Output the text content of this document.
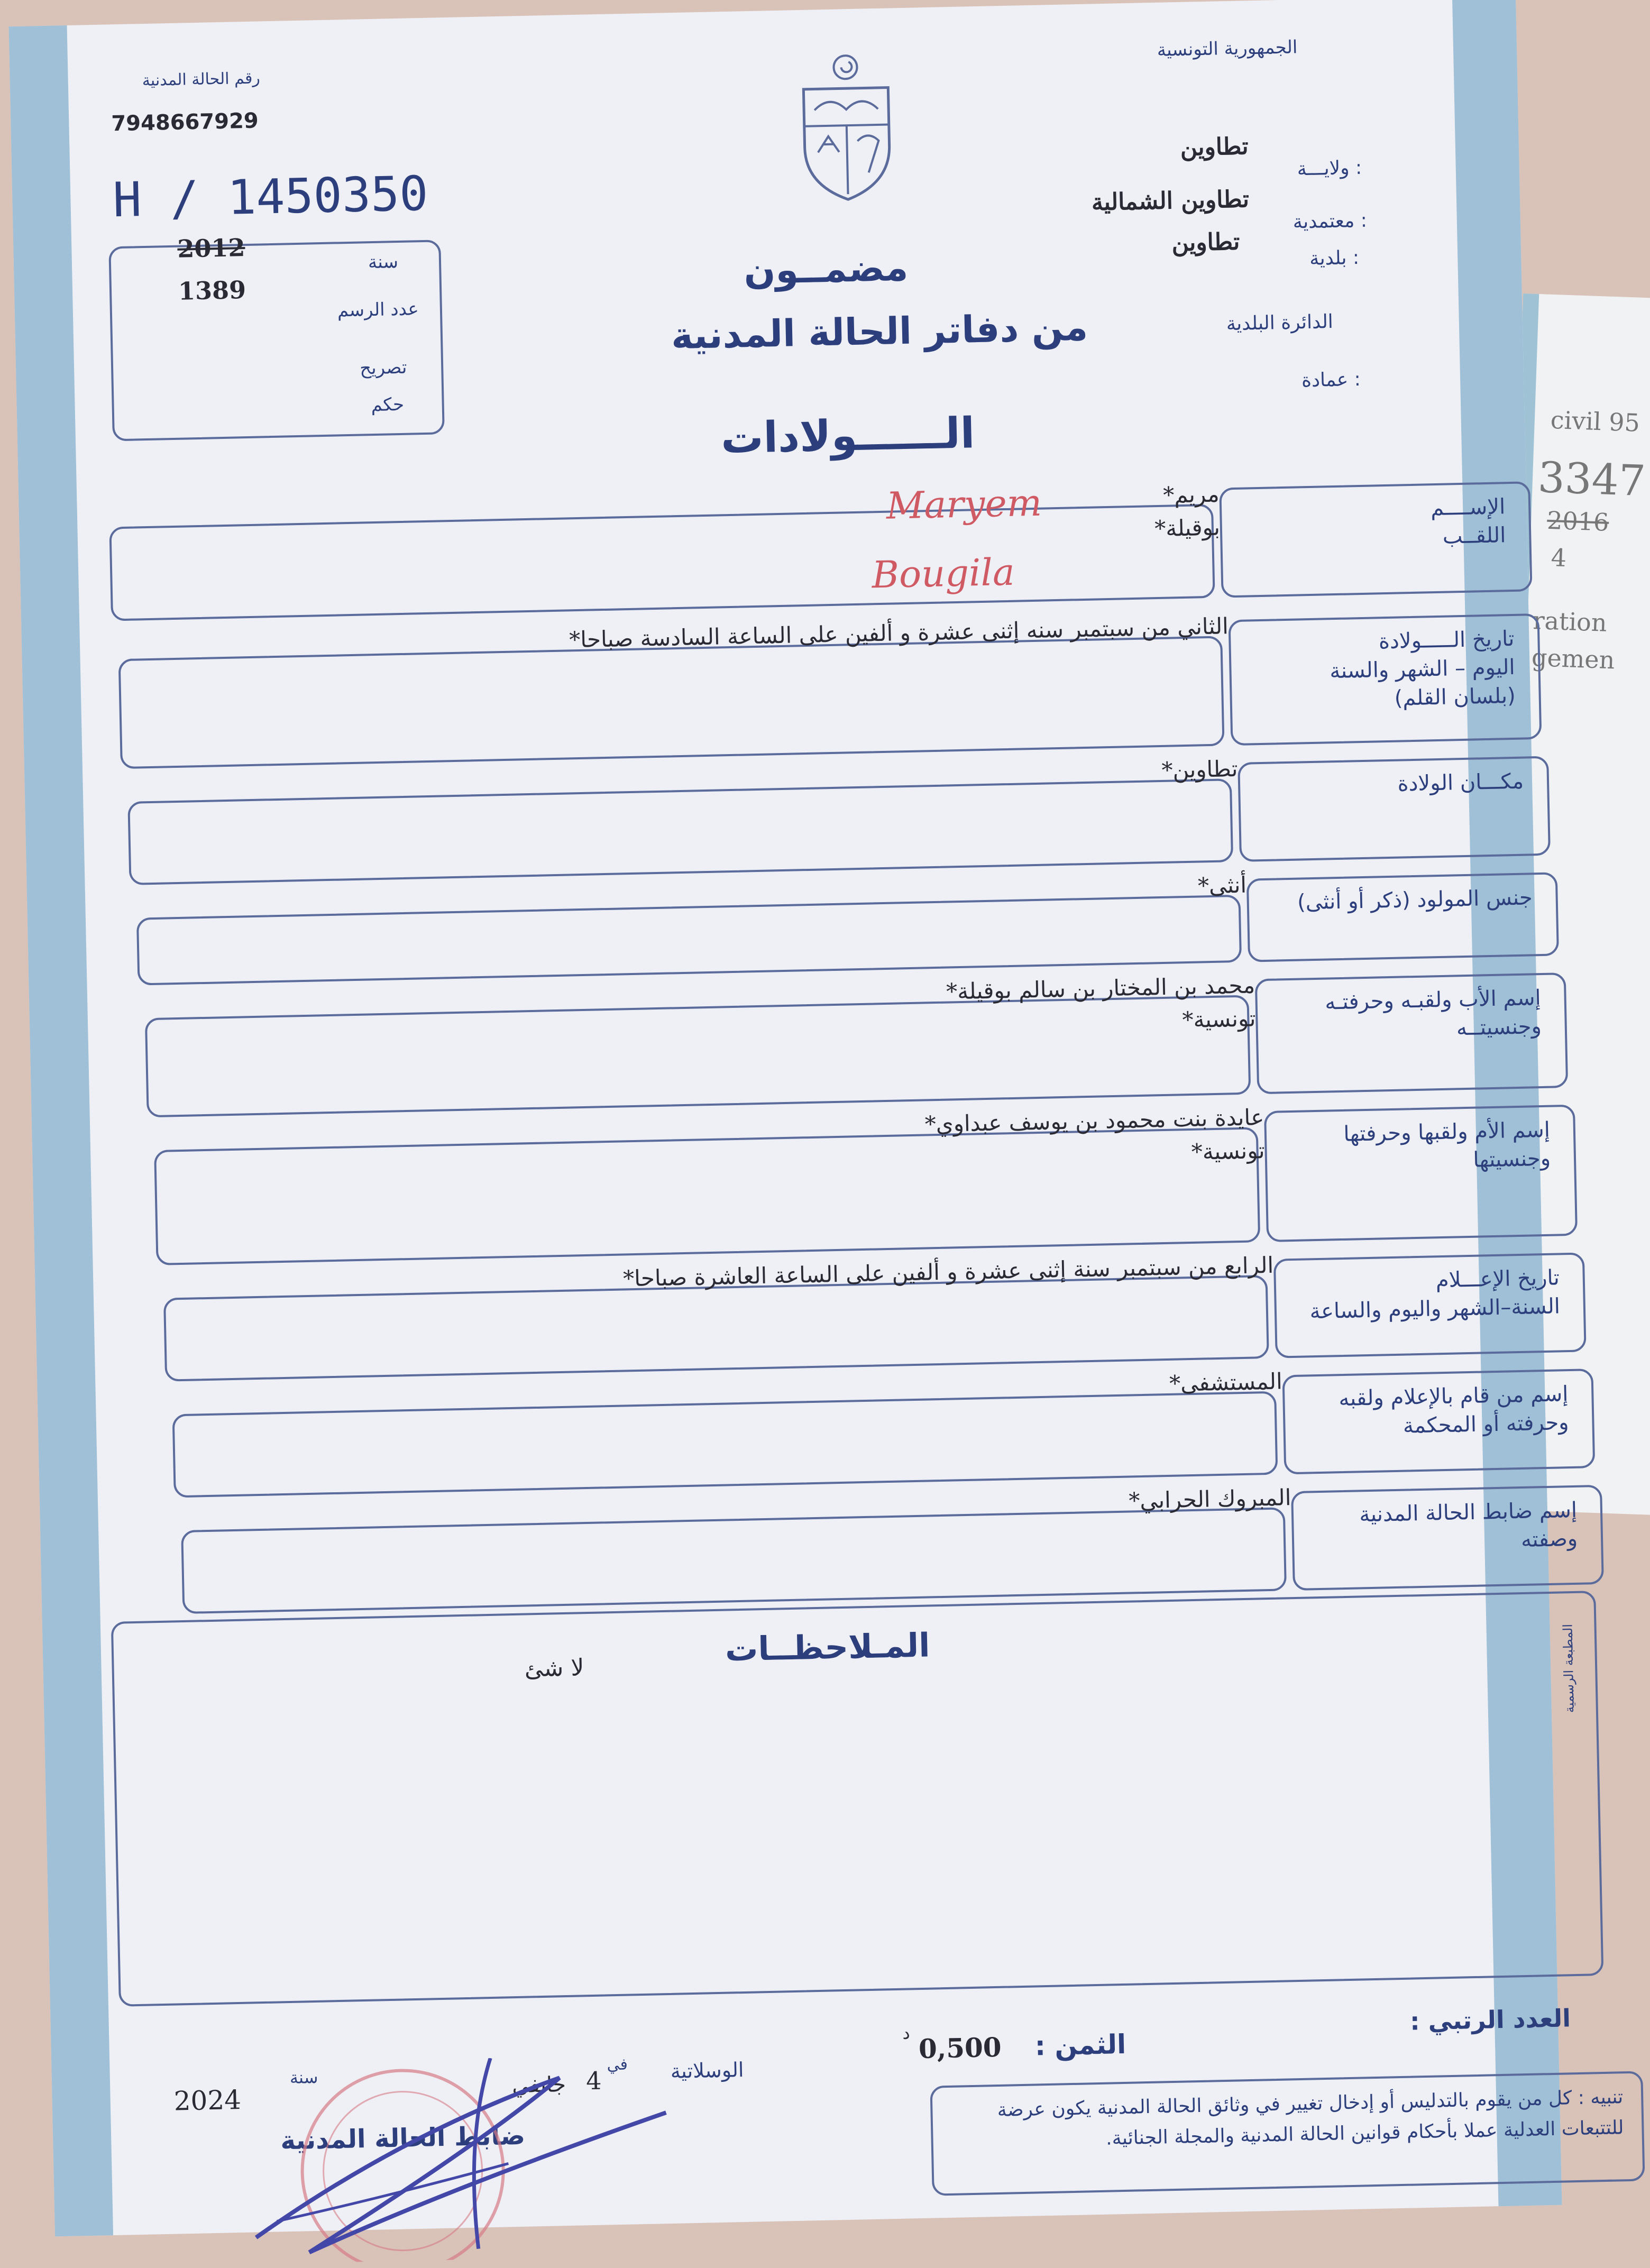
civil 95
3347
2016
4
ration
gemen
رقم الحالة المدنية
7948667929
H / 1450350
2012
1389
سنة
عدد الرسم
تصريح
حكم
الجمهورية التونسية
ولايـــة :
تطاوين
معتمدية :
تطاوين الشمالية
بلدية :
تطاوين
الدائرة البلدية
عمادة :
مضمــون
من دفاتر الحالة المدنية
الــــــولادات
الإســــم
اللقــب
مريم*
بوقيلة*
تاريخ الـــــولادة
اليوم – الشهر والسنة
(بلسان القلم)
الثاني من سبتمبر سنه إثنى عشرة و ألفين على الساعة السادسة صباحا*
مكـــان الولادة
تطاوين*
جنس المولود (ذكر أو أنثى)
أنثى*
إسم الأب ولقبـه وحرفتـه
وجنسيتــه
محمد بن المختار بن سالم بوقيلة*
تونسية*
إسم الأم ولقبها وحرفتها
وجنسيتها
عايدة بنت محمود بن يوسف عبداوي*
تونسية*
تاريخ الإعـــلام
السنة–الشهر واليوم والساعة
الرابع من سبتمبر سنة إثنى عشرة و ألفين على الساعة العاشرة صباحا*
إسم من قام بالإعلام ولقبه
وحرفته أو المحكمة
المستشفى*
إسم ضابط الحالة المدنية
وصفته
المبروك الحرابي*
Maryem
Bougila
المـلاحظــات
لا شئ	المطبعة الرسمية
العدد الرتبي :
الثمن :
0,500
د
الوسلاتية
في
4
جانفي
سنة
2024
ضابط الحالة المدنية
تنبيه : كل من يقوم بالتدليس أو إدخال تغيير في وثائق الحالة المدنية يكون عرضة للتتبعات العدلية عملا بأحكام قوانين الحالة المدنية والمجلة الجنائية.
